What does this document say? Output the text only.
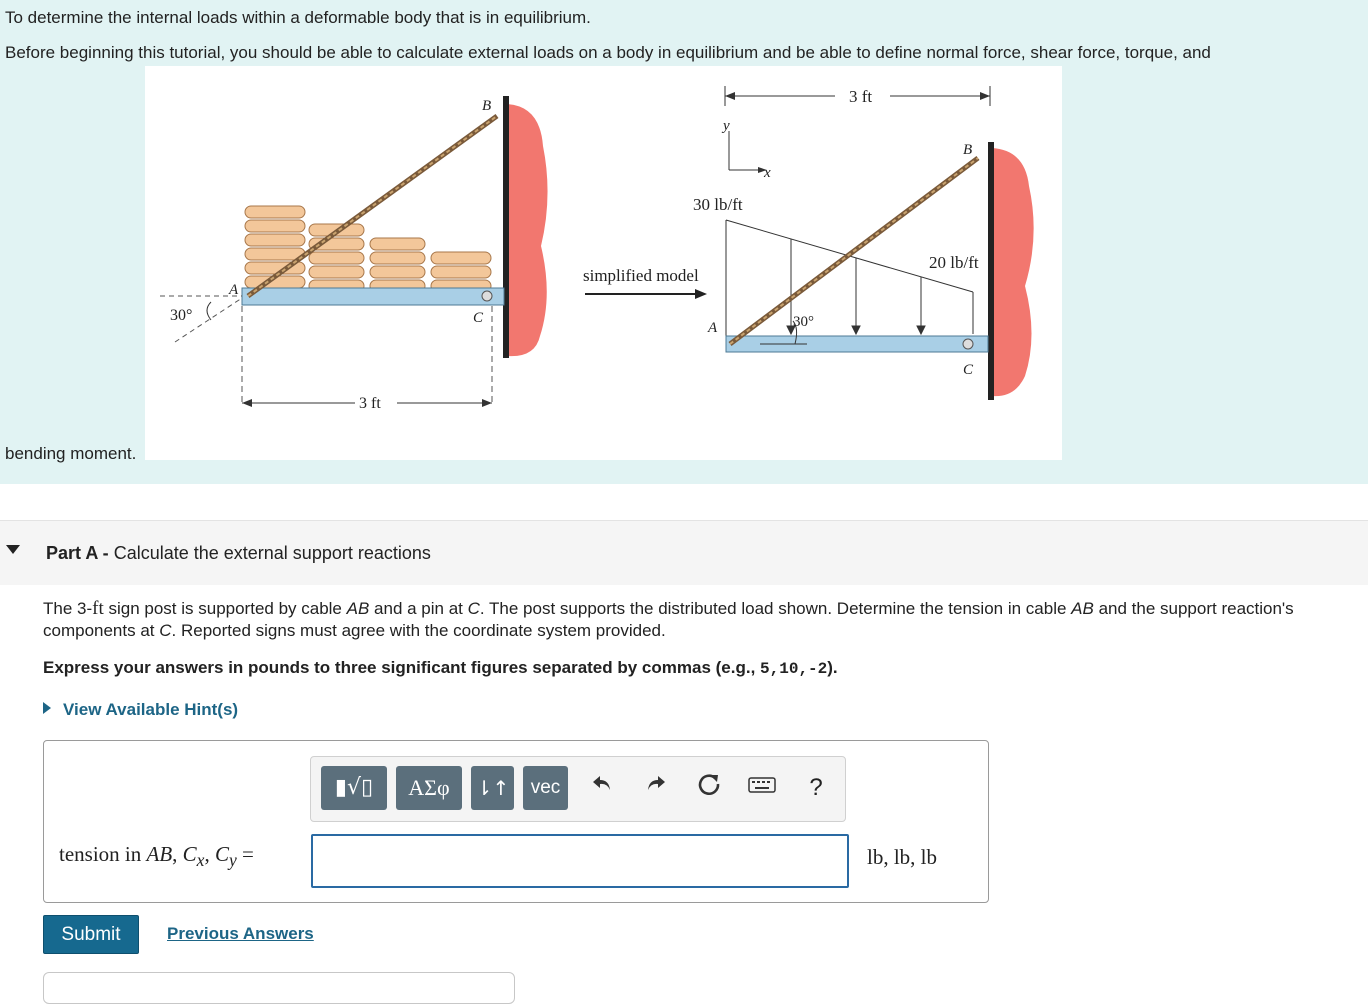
To determine the internal loads within a deformable body that is in equilibrium.

Before beginning this tutorial, you should be able to calculate external loads on a body in equilibrium and be able to define normal force, shear force, torque, and

bending moment.

30°
A
B
C
3 ft
simplified model
3 ft
y
x
30 lb/ft
20 lb/ft
30°
A
B
C
Part A - Calculate the external support reactions
The 3-ft sign post is supported by cable AB and a pin at C. The post supports the distributed load shown. Determine the tension in cable AB and the support reaction's components at C. Reported signs must agree with the coordinate system provided.
Express your answers in pounds to three significant figures separated by commas (e.g., 5,10,-2).
View Available Hint(s)
▮√▯	ΑΣφ	⇂↑	vec	?
tension in AB, $C_x$, $C_y$ =	lb, lb, lb
Submit	Previous Answers
